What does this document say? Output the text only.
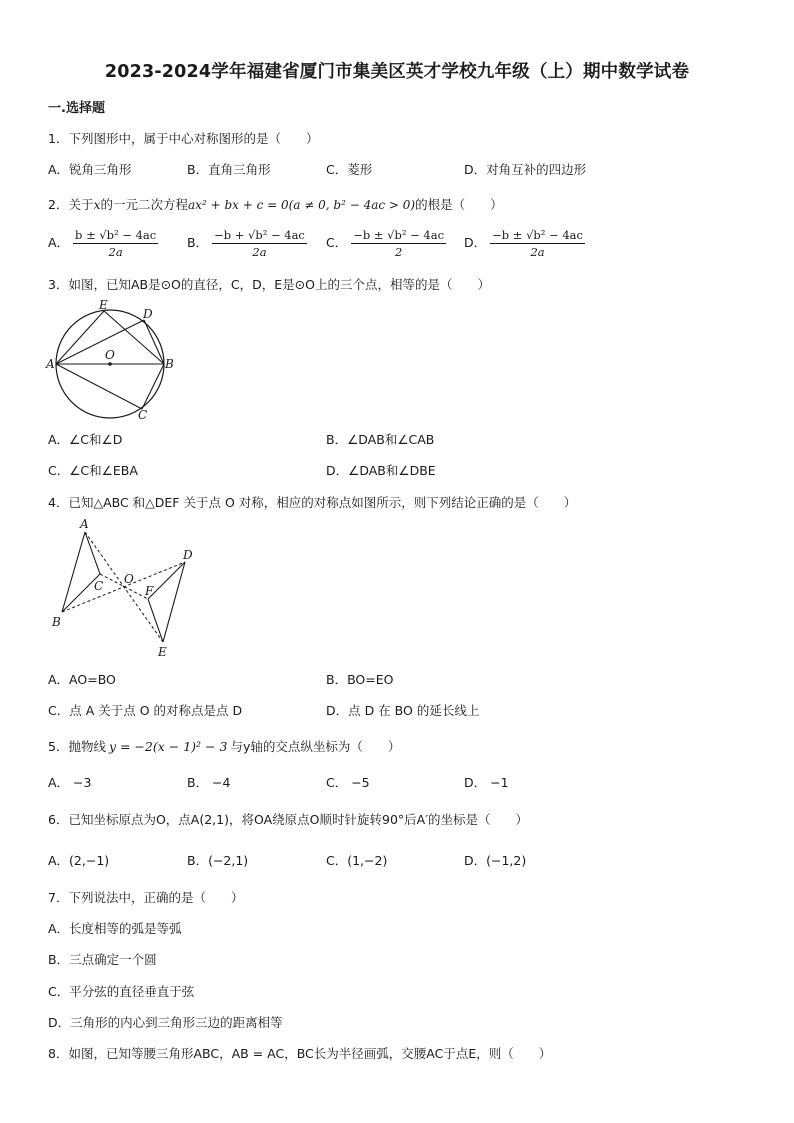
2023-2024学年福建省厦门市集美区英才学校九年级（上）期中数学试卷
一.选择题
1．下列图形中，属于中心对称图形的是（　　）
A．锐角三角形	B．直角三角形	C．菱形	D．对角互补的四边形
2．关于x的一元二次方程ax² + bx + c = 0(a ≠ 0, b² − 4ac > 0)的根是（　　）
A． $\frac{\text{b ± √b² − 4ac}}{2a}$ B． $\frac{\text{−b + √b² − 4ac}}{2a}$ C． $\frac{\text{−b ± √b² − 4ac}}{2}$ D． $\frac{\text{−b ± √b² − 4ac}}{2a}$
3．如图，已知AB是⊙O的直径，C，D，E是⊙O上的三个点，相等的是（　　）
E
D
A
O
B
C
A．∠C和∠D	B．∠DAB和∠CAB
C．∠C和∠EBA	D．∠DAB和∠DBE
4．已知△ABC 和△DEF 关于点 O 对称，相应的对称点如图所示，则下列结论正确的是（　　）
A
C O
B
D
F
E
A．AO=BO	B．BO=EO
C．点 A 关于点 O 的对称点是点 D	D．点 D 在 BO 的延长线上
5．抛物线 y = −2(x − 1)² − 3 与y轴的交点纵坐标为（　　）
A． −3	B． −4	C． −5	D． −1
6．已知坐标原点为O，点A(2,1)，将OA绕原点O顺时针旋转90°后A′的坐标是（　　）
A．(2,−1)	B．(−2,1)	C．(1,−2)	D．(−1,2)
7．下列说法中，正确的是（　　）
A．长度相等的弧是等弧
B．三点确定一个圆
C．平分弦的直径垂直于弦
D．三角形的内心到三角形三边的距离相等
8．如图，已知等腰三角形ABC，AB = AC，BC长为半径画弧，交腰AC于点E，则（　　）
